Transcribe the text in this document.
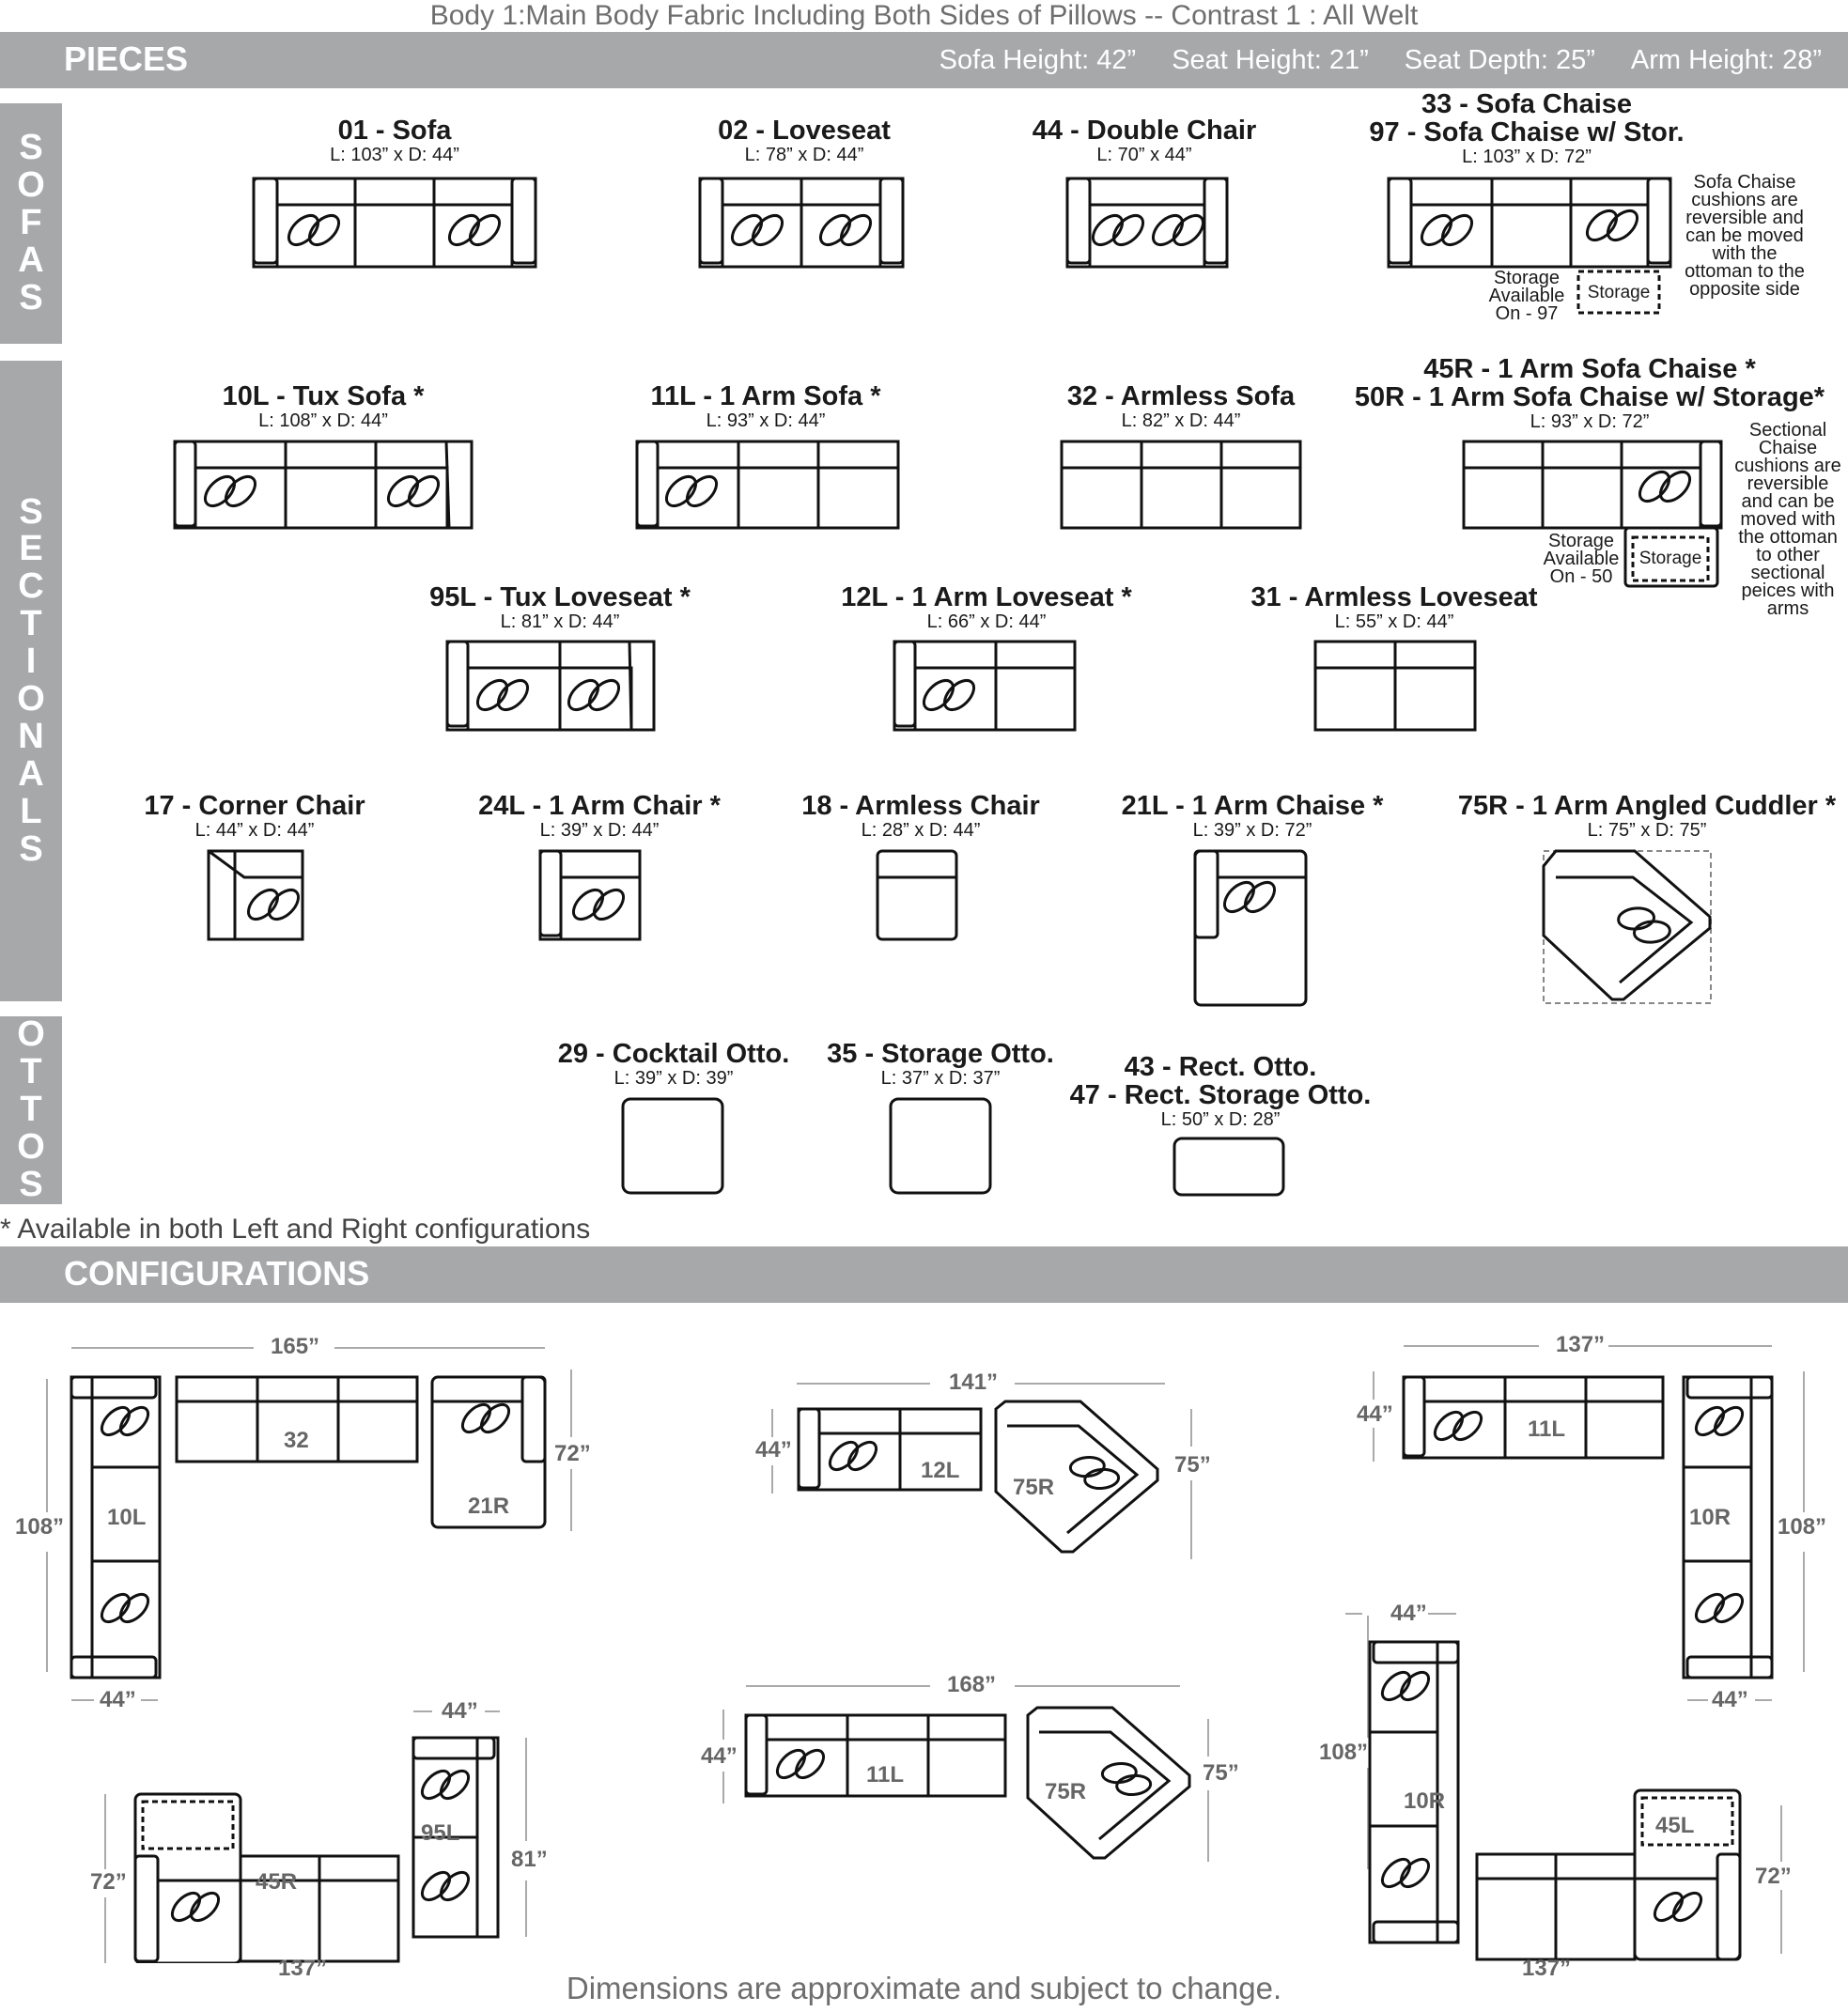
Body 1:Main Body Fabric Including Both Sides of Pillows -- Contrast 1 : All Welt
PIECES	Sofa Height: 42” Seat Height: 21” Seat Depth: 25” Arm Height: 28”
S
O
F
A
S
S
E
C
T
I
O
N
A
L
S
O
T
T
O
S
01 - Sofa
L: 103” x D: 44”
02 - Loveseat
L: 78” x D: 44”
44 - Double Chair
L: 70” x 44”
33 - Sofa Chaise
97 - Sofa Chaise w/ Stor.
L: 103” x D: 72”
Storage
Available
On - 97
Sofa Chaise
cushions are
reversible and
can be moved
with the
ottoman to the
opposite side
10L - Tux Sofa *
L: 108” x D: 44”
11L - 1 Arm Sofa *
L: 93” x D: 44”
32 - Armless Sofa
L: 82” x D: 44”
45R - 1 Arm Sofa Chaise *
50R - 1 Arm Sofa Chaise w/ Storage*
L: 93” x D: 72”
Storage
Available
On - 50
Sectional
Chaise
cushions are
reversible
and can be
moved with
the ottoman
to other
sectional
peices with
arms
95L - Tux Loveseat *
L: 81” x D: 44”
12L - 1 Arm Loveseat *
L: 66” x D: 44”
31 - Armless Loveseat
L: 55” x D: 44”
17 - Corner Chair
L: 44” x D: 44”
24L - 1 Arm Chair *
L: 39” x D: 44”
18 - Armless Chair
L: 28” x D: 44”
21L - 1 Arm Chaise *
L: 39” x D: 72”
75R - 1 Arm Angled Cuddler *
L: 75” x D: 75”
29 - Cocktail Otto.
L: 39” x D: 39”
35 - Storage Otto.
L: 37” x D: 37”	43 - Rect. Otto.
47 - Rect. Storage Otto.
L: 50” x D: 28”
Storage
Storage
* Available in both Left and Right configurations
CONFIGURATIONS
165”
108”
44”
72”
10L
32
21R
141”
44”
75”
12L
75R
137”
44”
108”
44”
11L
10R
137”
72”
81”
44”
45R
95L
168”
44”
75”
11L
75R
44”
108”
137”
72”
10R
45L
Dimensions are approximate and subject to change.
